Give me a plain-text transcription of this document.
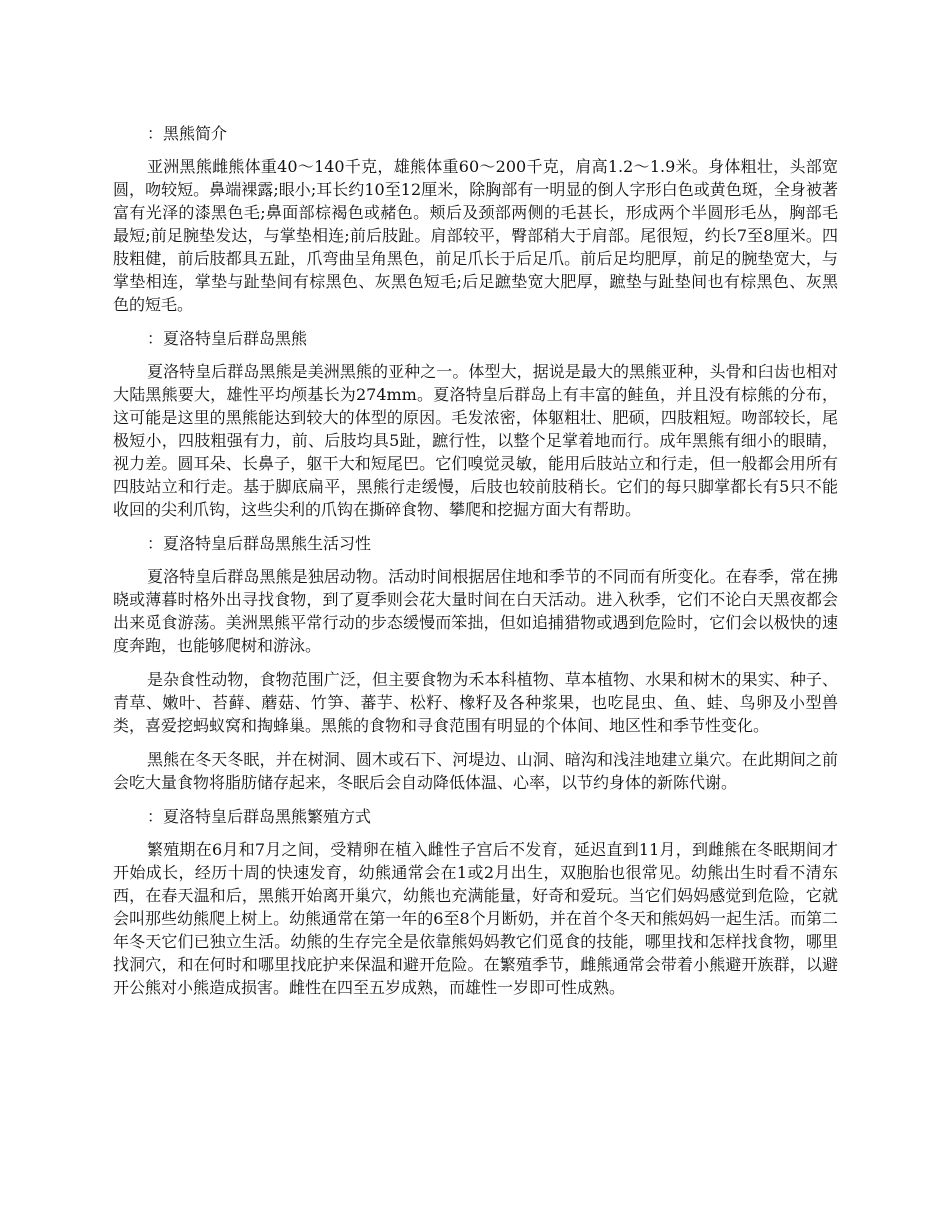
：黑熊简介

亚洲黑熊雌熊体重40～140千克，雄熊体重60～200千克，肩高1.2～1.9米。身体粗壮，头部宽圆，吻较短。鼻端裸露;眼小;耳长约10至12厘米，除胸部有一明显的倒人字形白色或黄色斑，全身被著富有光泽的漆黑色毛;鼻面部棕褐色或赭色。颊后及颈部两侧的毛甚长，形成两个半圆形毛丛，胸部毛最短;前足腕垫发达，与掌垫相连;前后肢趾。肩部较平，臀部稍大于肩部。尾很短，约长7至8厘米。四肢粗健，前后肢都具五趾，爪弯曲呈角黑色，前足爪长于后足爪。前后足均肥厚，前足的腕垫宽大，与掌垫相连，掌垫与趾垫间有棕黑色、灰黑色短毛;后足蹠垫宽大肥厚，蹠垫与趾垫间也有棕黑色、灰黑色的短毛。

：夏洛特皇后群岛黑熊

夏洛特皇后群岛黑熊是美洲黑熊的亚种之一。体型大，据说是最大的黑熊亚种，头骨和臼齿也相对大陆黑熊要大，雄性平均颅基长为274mm。夏洛特皇后群岛上有丰富的鲑鱼，并且没有棕熊的分布，这可能是这里的黑熊能达到较大的体型的原因。毛发浓密，体躯粗壮、肥硕，四肢粗短。吻部较长，尾极短小，四肢粗强有力，前、后肢均具5趾，蹠行性，以整个足掌着地而行。成年黑熊有细小的眼睛，视力差。圆耳朵、长鼻子，躯干大和短尾巴。它们嗅觉灵敏，能用后肢站立和行走，但一般都会用所有四肢站立和行走。基于脚底扁平，黑熊行走缓慢，后肢也较前肢稍长。它们的每只脚掌都长有5只不能收回的尖利爪钩，这些尖利的爪钩在撕碎食物、攀爬和挖掘方面大有帮助。

：夏洛特皇后群岛黑熊生活习性

夏洛特皇后群岛黑熊是独居动物。活动时间根据居住地和季节的不同而有所变化。在春季，常在拂晓或薄暮时格外出寻找食物，到了夏季则会花大量时间在白天活动。进入秋季，它们不论白天黑夜都会出来觅食游荡。美洲黑熊平常行动的步态缓慢而笨拙，但如追捕猎物或遇到危险时，它们会以极快的速度奔跑，也能够爬树和游泳。

是杂食性动物，食物范围广泛，但主要食物为禾本科植物、草本植物、水果和树木的果实、种子、青草、嫩叶、苔藓、蘑菇、竹笋、蕃芋、松籽、橡籽及各种浆果，也吃昆虫、鱼、蛙、鸟卵及小型兽类，喜爱挖蚂蚁窝和掏蜂巢。黑熊的食物和寻食范围有明显的个体间、地区性和季节性变化。

黑熊在冬天冬眠，并在树洞、圆木或石下、河堤边、山洞、暗沟和浅洼地建立巢穴。在此期间之前会吃大量食物将脂肪储存起来，冬眠后会自动降低体温、心率，以节约身体的新陈代谢。

：夏洛特皇后群岛黑熊繁殖方式

繁殖期在6月和7月之间，受精卵在植入雌性子宫后不发育，延迟直到11月，到雌熊在冬眠期间才开始成长，经历十周的快速发育，幼熊通常会在1或2月出生，双胞胎也很常见。幼熊出生时看不清东西，在春天温和后，黑熊开始离开巢穴，幼熊也充满能量，好奇和爱玩。当它们妈妈感觉到危险，它就会叫那些幼熊爬上树上。幼熊通常在第一年的6至8个月断奶，并在首个冬天和熊妈妈一起生活。而第二年冬天它们已独立生活。幼熊的生存完全是依靠熊妈妈教它们觅食的技能，哪里找和怎样找食物，哪里找洞穴，和在何时和哪里找庇护来保温和避开危险。在繁殖季节，雌熊通常会带着小熊避开族群，以避开公熊对小熊造成损害。雌性在四至五岁成熟，而雄性一岁即可性成熟。
